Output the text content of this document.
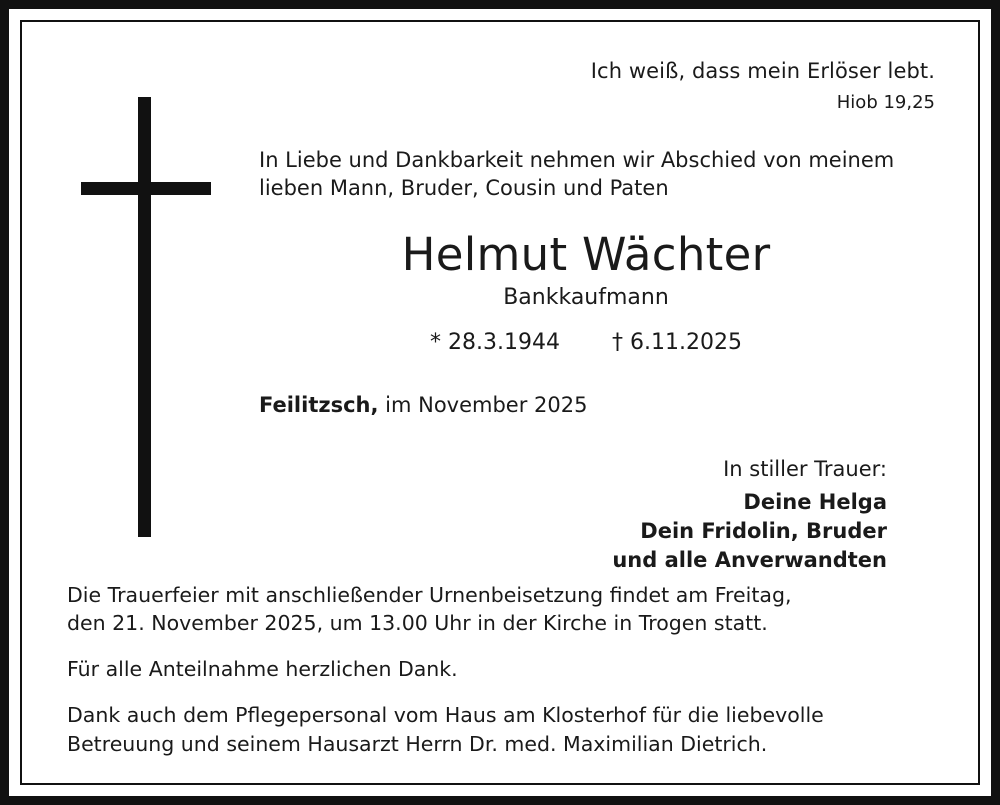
Ich weiß, dass mein Erlöser lebt.
Hiob 19,25
In Liebe und Dankbarkeit nehmen wir Abschied von meinem
lieben Mann, Bruder, Cousin und Paten
Helmut Wächter
Bankkaufmann
* 28.3.1944 † 6.11.2025
Feilitzsch, im November 2025
In stiller Trauer:
Deine Helga
Dein Fridolin, Bruder
und alle Anverwandten

Die Trauerfeier mit anschließender Urnenbeisetzung findet am Freitag,
den 21. November 2025, um 13.00 Uhr in der Kirche in Trogen statt.

Für alle Anteilnahme herzlichen Dank.

Dank auch dem Pflegepersonal vom Haus am Klosterhof für die liebevolle
Betreuung und seinem Hausarzt Herrn Dr. med. Maximilian Dietrich.
